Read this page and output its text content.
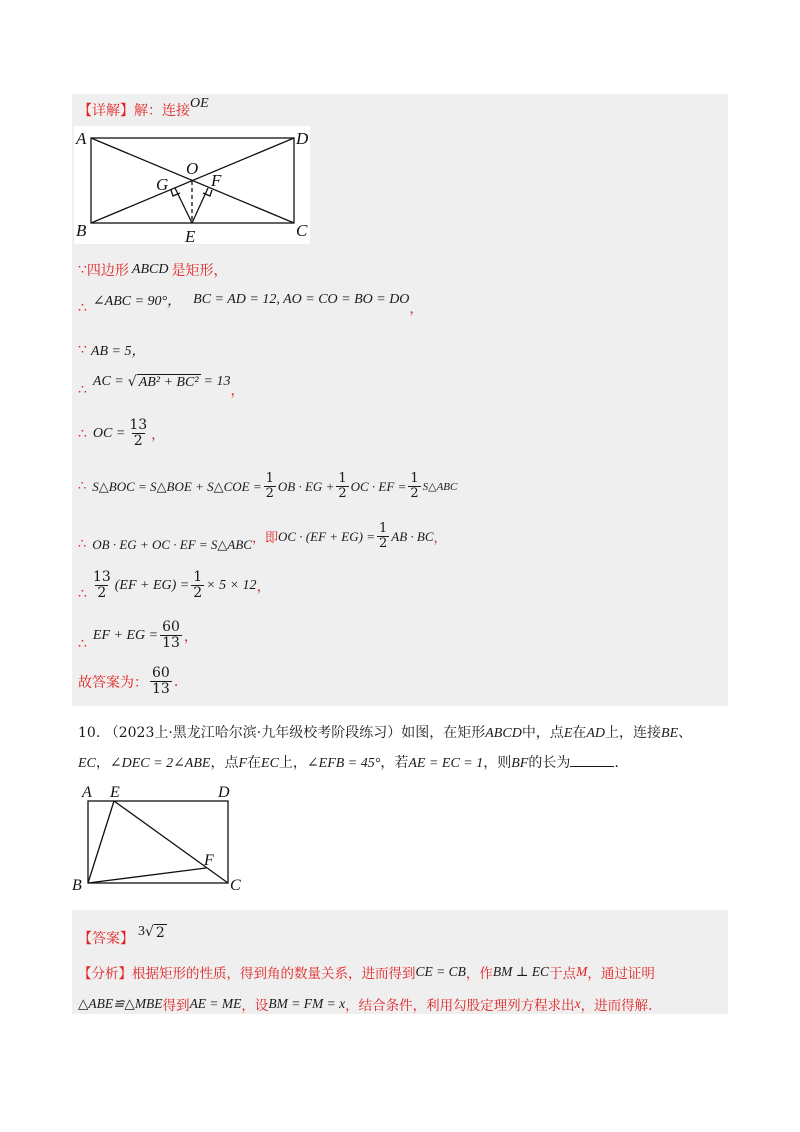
【详解】 解：连接 OE
A	D
B	C
O
G	F
E
∵ 四边形 ABCD 是矩形，
∴ ∠ABC = 90°， BC = AD = 12, AO = CO = BO = DO
，
∵ AB = 5，
∴
AC = √ AB² + BC² = 13
，
∴ OC = $\frac{13}{2}$ ，
∴ S△BOC = S△BOE + S△COE = $\frac{1}{2}$ OB · EG + $\frac{1}{2}$ OC · EF = $\frac{1}{2}$ S△ABC
∴ OB · EG + OC · EF = S△ABC ，即 OC · $(EF + EG) = \frac{1}{2}$ AB · BC ，
∴ $\frac{13}{2} (EF + EG) = \frac{1}{2} \times 5 \times 12$ ，
∴
EF + EG = $\frac{60}{13}$ ，
故答案为： $\frac{60}{13}$ .
10. （2023上·黑龙江哈尔滨·九年级校考阶段练习）如图，在矩形ABCD中，点E在AD上，连接BE、
EC，∠DEC = 2∠ABE，点F在EC上，∠EFB = 45°，若AE = EC = 1，则BF的长为	.
A E	D
F
B	C
【答案】 3 √ 2
【分析】 根据矩形的性质，得到角的数量关系，进而得到 CE = CB ，作 BM ⊥ EC 于点 M ，通过证明
△ABE≌△MBE 得到 AE = ME ，设 BM = FM = x ，结合条件，利用勾股定理列方程求出 x ，进而得解.
